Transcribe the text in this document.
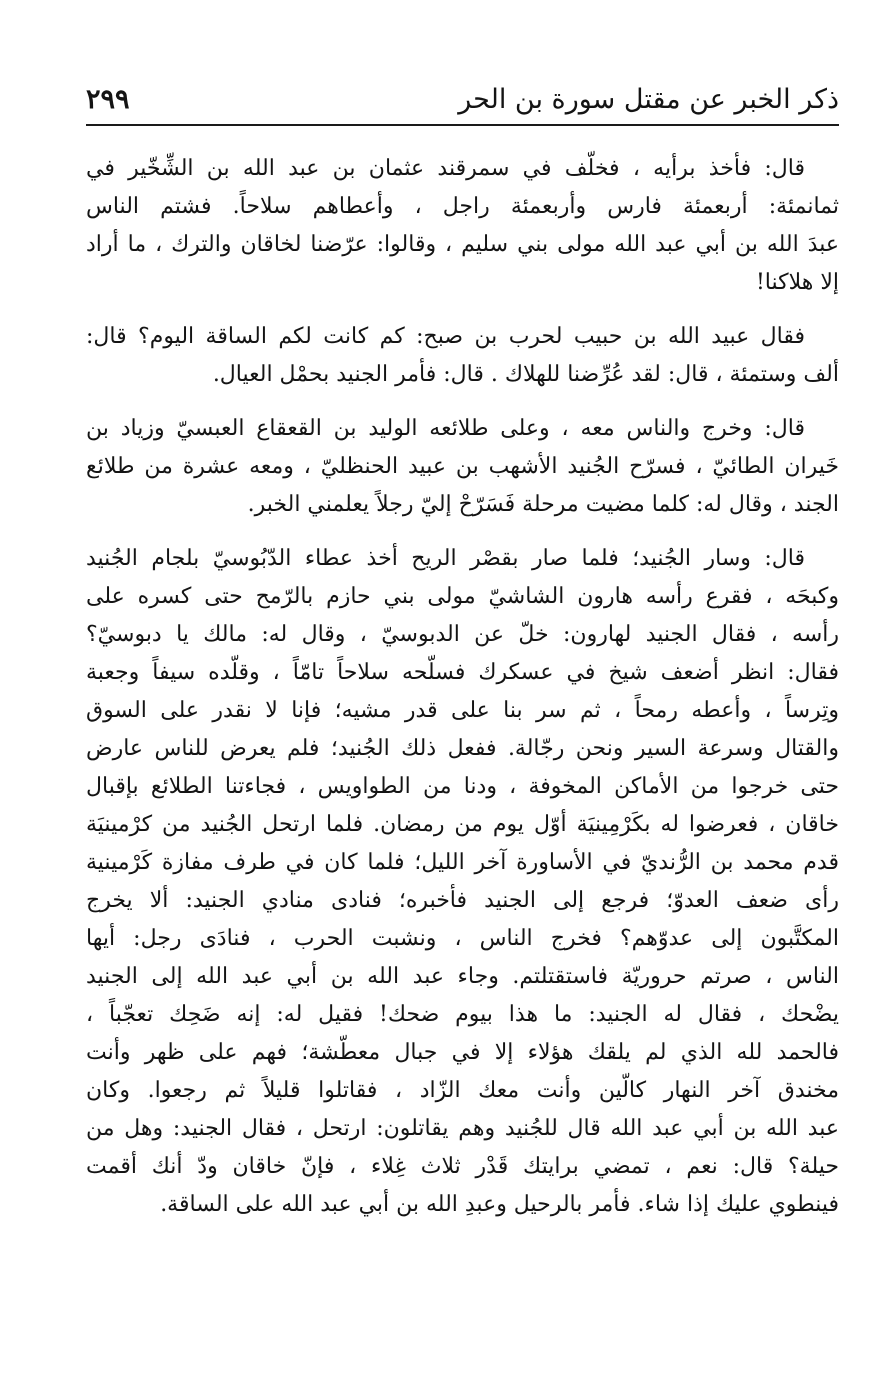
ذكر الخبر عن مقتل سورة بن الحر
٢٩٩
قال: فأخذ برأيه ، فخلّف في سمرقند عثمان بن عبد الله بن الشِّخّير في
ثمانمئة: أربعمئة فارس وأربعمئة راجل ، وأعطاهم سلاحاً. فشتم الناس
عبدَ الله بن أبي عبد الله مولى بني سليم ، وقالوا: عرّضنا لخاقان والترك ، ما أراد
إلا هلاكنا!
فقال عبيد الله بن حبيب لحرب بن صبح: كم كانت لكم الساقة اليوم؟ قال:
ألف وستمئة ، قال: لقد عُرِّضنا للهلاك . قال: فأمر الجنيد بحمْل العيال.
قال: وخرج والناس معه ، وعلى طلائعه الوليد بن القعقاع العبسيّ وزياد بن
خَيران الطائيّ ، فسرّح الجُنيد الأشهب بن عبيد الحنظليّ ، ومعه عشرة من طلائع
الجند ، وقال له: كلما مضيت مرحلة فَسَرّحْ إليّ رجلاً يعلمني الخبر.
قال: وسار الجُنيد؛ فلما صار بقصْر الريح أخذ عطاء الدّبُوسيّ بلجام الجُنيد
وكبحَه ، فقرع رأسه هارون الشاشيّ مولى بني حازم بالرّمح حتى كسره على
رأسه ، فقال الجنيد لهارون: خلّ عن الدبوسيّ ، وقال له: مالك يا دبوسيّ؟
فقال: انظر أضعف شيخ في عسكرك فسلّحه سلاحاً تامّاً ، وقلّده سيفاً وجعبة
وتِرساً ، وأعطه رمحاً ، ثم سر بنا على قدر مشيه؛ فإنا لا نقدر على السوق
والقتال وسرعة السير ونحن رجّالة. ففعل ذلك الجُنيد؛ فلم يعرض للناس عارض
حتى خرجوا من الأماكن المخوفة ، ودنا من الطواويس ، فجاءتنا الطلائع بإقبال
خاقان ، فعرضوا له بكَرْمِينيَة أوّل يوم من رمضان. فلما ارتحل الجُنيد من كرْمينيَة
قدم محمد بن الرُّنديّ في الأساورة آخر الليل؛ فلما كان في طرف مفازة كَرْمينية
رأى ضعف العدوّ؛ فرجع إلى الجنيد فأخبره؛ فنادى منادي الجنيد: ألا يخرج
المكتَّبون إلى عدوّهم؟ فخرج الناس ، ونشبت الحرب ، فنادَى رجل: أيها
الناس ، صرتم حروريّة فاستقتلتم. وجاء عبد الله بن أبي عبد الله إلى الجنيد
يضْحك ، فقال له الجنيد: ما هذا بيوم ضحك! فقيل له: إنه ضَحِك تعجّباً ،
فالحمد لله الذي لم يلقك هؤلاء إلا في جبال معطّشة؛ فهم على ظهر وأنت
مخندق آخر النهار كالّين وأنت معك الزّاد ، فقاتلوا قليلاً ثم رجعوا. وكان
عبد الله بن أبي عبد الله قال للجُنيد وهم يقاتلون: ارتحل ، فقال الجنيد: وهل من
حيلة؟ قال: نعم ، تمضي برايتك قَدْر ثلاث غِلاء ، فإنّ خاقان ودّ أنك أقمت
فينطوي عليك إذا شاء. فأمر بالرحيل وعبدِ الله بن أبي عبد الله على الساقة.
